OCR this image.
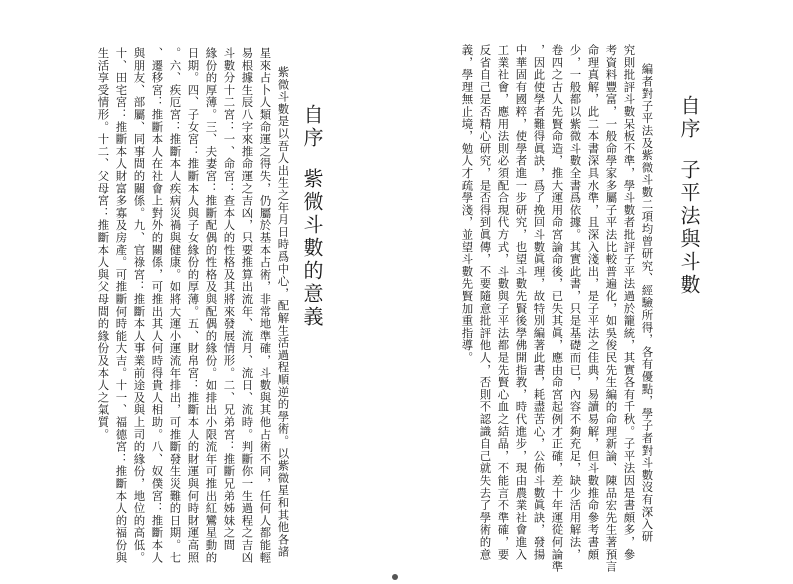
自序子平法與斗數
編者對子平法及紫微斗數二項均曾研究、經驗所得，各有優點，學子者對斗數沒有深入研
究則批評斗數呆板不準，學斗數者批評子平法過於籠統，其實各有千秋。子平法因是書頗多，參
考資料豐富，一般命學家多屬子平法比較普遍化，如吳俊民先生編的命理新論、陳品宏先生著預言
命理真解，此二本書深具水準，且深入淺出，是子平法之佳典，易讀易解，但斗數推命參考書頗
少，一般都以紫微斗數全書爲依據。其實此書，只是基礎而已，內容不夠充足，缺少活用解法，
卷四之古人先賢命造，推大運用命宮論命後，已失其眞，應由命宮起例才正確，差十年運從何論準
，因此使學者難得眞訣，爲了挽回斗數眞理，故特別編著此書，耗盡苦心，公佈斗數眞訣，發揚
中華固有國粹，使學者進一步研究，也望斗數先賢後學佛開指教，時代進步，現由農業社會進入
工業社會，應用法則必須配合現代方式，斗數與子平法都是先賢心血之結晶，不能言不準確，要
反省自己是否精心研究，是否得到眞傳，不要隨意批評他人，否則不認識自己就失去了學術的意
義，學理無止境，勉人才疏學淺，並望斗數先賢加重指導。
自序紫微斗數的意義
紫微斗數是以吾人出生之年月日時爲中心，配解生活過程順逆的學術。以紫微星和其他各諸
星來占卜人類命運之得失，仍屬於基本占術，非常地準確，斗數與其他占術不同，任何人都能輕
易根據生辰八字來推命運之吉凶，只要推算出流年、流月、流日、流時。判斷你一生過程之吉凶
斗數分十二宮：一、命宮：查本人的性格及其將來發展情形。二、兄弟宮：推斷兄弟姊妹之間
緣份的厚薄。三、夫妻宮：推斷配偶的性格及與配偶的緣份。如排出小限流年可推出紅鸞星動的
日期。四、子女宮：推斷本人與子女緣份的厚薄。五、財帛宮：推斷本人的財運與何時財運高照
。六、疾厄宮：推斷本人疾病災禍與健康。如將大運小運流年排出，可推斷發生災難的日期。七
、遷移宮：推斷本人在社會上對外的關係，可推出其人何時得貴人相助。八、奴僕宮：推斷本人
與朋友、部屬、同事間的關係。九、官祿宮：推斷本人事業前途及與上司的緣份，地位的高低。
十、田宅宮：推斷本人財富多寡及房產。可推斷何時能大吉。十一、福德宮：推斷本人的福份與
生活享受情形。十二、父母宮：推斷本人與父母間的緣份及本人之氣質。
